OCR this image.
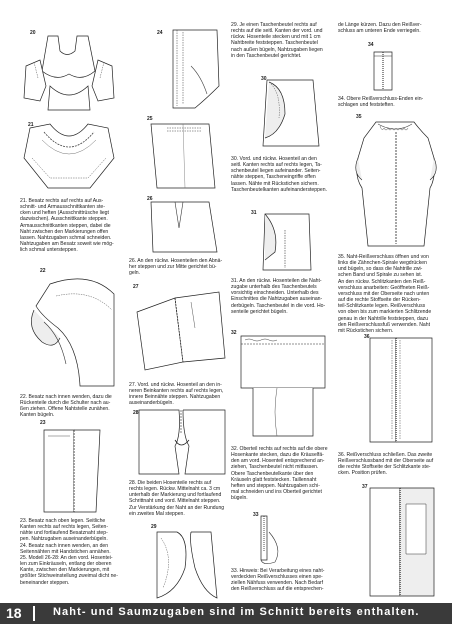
20
21
21. Besatz rechts auf rechts auf Aus-
schnitt- und Armausschnittkanten ste-
cken und heften (Ausschnittrüsche liegt
dazwischen). Ausschnittkante steppen.
Armausschnittkanten steppen, dabei die
Naht zwischen den Markierungen offen
lassen. Nahtzugaben schmal schneiden.
Nahtzugaben am Besatz soweit wie mög-
lich schmal untersteppen.
22
22. Besatz nach innen wenden, dazu die
Rückenteile durch die Schulter nach au-
ßen ziehen. Offene Nahtstelle zunähen.
Kanten bügeln.
23
23. Besatz nach oben legen. Seitliche
Kanten rechts auf rechts legen, Seiten-
nähte und fortlaufend Besatznaht step-
pen. Nahtzugaben auseinanderbügeln.
24. Besatz nach innen wenden, an den
Seitennähten mit Handstichen annähen.
25. Modell 26-28: An den vord. Hosentei-
len zum Einkräuseln, entlang der oberen
Kante, zwischen den Markierungen, mit
größter Stichweinstellung zweimal dicht ne-
beneinander steppen.
24
25
26
26. An den rückw. Hosenteilen den Abnä-
her steppen und zur Mitte gerichtet bü-
geln.
27
27. Vord. und rückw. Hosenteil an den in-
neren Beinkanten rechts auf rechts legen,
innere Beinnähte steppen. Nahtzugaben
auseinanderbügeln.
28
28. Die beiden Hosenteile rechts auf
rechts legen. Rückw. Mittelnaht ca. 3 cm
unterhalb der Markierung und fortlaufend
Schrittnaht und vord. Mittelnaht steppen.
Zur Verstärkung der Naht an der Rundung
ein zweites Mal steppen.
29
29. Je einen Taschenbeutel rechts auf
rechts auf die seitl. Kanten der vord. und
rückw. Hosenteile stecken und mit 1 cm
Nahtbreite feststeppen. Taschenbeutel
nach außen bügeln, Nahtzugaben liegen
in den Taschenbeutel gerichtet.
30
30. Vord. und rückw. Hosenteil an den
seitl. Kanten rechts auf rechts legen, Ta-
schenbeutel liegen aufeinander. Seiten-
nähte steppen, Tascheneingriffe offen
lassen. Nähte mit Rückstichen sichern.
Taschenbeutelkanten aufeinandersteppen.
31
31. An den rückw. Hosenteilen die Naht-
zugabe unterhalb des Taschenbeutels
vorsichtig einschneiden. Unterhalb des
Einschnittes die Nahtzugaben auseinan-
derbügeln. Taschenbeutel in die vord. Ho-
senteile gerichtet bügeln.
32
32. Oberteil rechts auf rechts auf die obere
Hosenkante stecken, dazu die Kräuselfä-
den am vord. Hosenteil entsprechend an-
ziehen, Taschenbeutel nicht mitfassen.
Obere Taschenbeutelkante über den
Kräuseln glatt feststecken. Taillennaht
heften und steppen. Nahtzugaben schi-
mal schneiden und ins Oberteil gerichtet
bügeln.
33
33. Hinweis: Bei Verarbeitung eines naht-
verdeckten Reißverschlusses einen spe-
ziellen Nähfuss verwenden. Nach Bedarf
den Reißverschluss auf die entsprechen-
de Länge kürzen. Dazu den Reißver-
schluss am unteren Ende verriegeln.
34
34. Obere Reißverschluss-Enden ein-
schlagen und feststeften.
35
35. Naht-Reißverschluss öffnen und von
links die Zähnchen-Spirale wegdrücken
und bügeln, so dass die Nahtrille zwi-
schen Band und Spirale zu sehen ist.
An den rückw. Schlitzkanten den Reiß-
verschluss anarbeiten: Geöffneten Reiß-
verschluss mit der Oberseite nach unten
auf die rechte Stoffseite der Rücken-
teil-Schlitzkante legen. Reißverschluss
von oben bis zum markierten Schlitzende
genau in der Nahtrille feststeppen, dazu
den Reißverschlussfuß verwenden. Naht
mit Rückstichen sichern.
36
36. Reißverschluss schließen. Das zweite
Reißverschlussband mit der Oberseite auf
die rechte Stoffseite der Schlitzkante ste-
cken. Position prüfen.
37
18	Naht- und Saumzugaben sind im Schnitt bereits enthalten.
